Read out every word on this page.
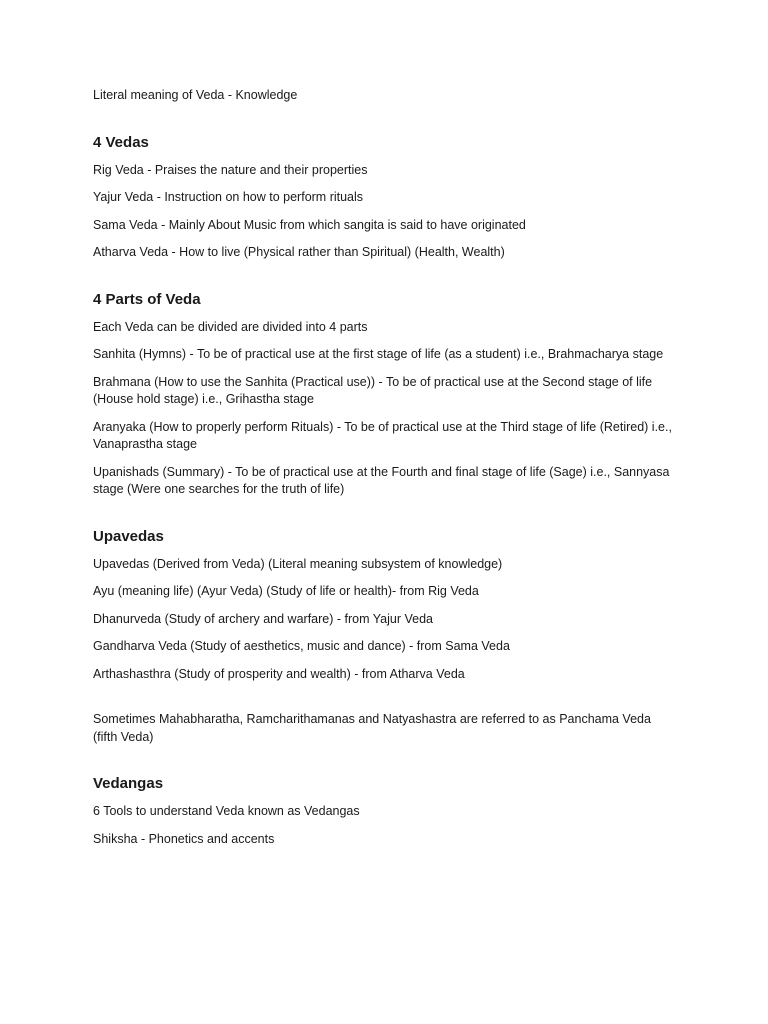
Literal meaning of Veda - Knowledge

4 Vedas

Rig Veda - Praises the nature and their properties

Yajur Veda - Instruction on how to perform rituals

Sama Veda - Mainly About Music from which sangita is said to have originated

Atharva Veda - How to live (Physical rather than Spiritual) (Health, Wealth)

4 Parts of Veda

Each Veda can be divided are divided into 4 parts

Sanhita (Hymns) - To be of practical use at the first stage of life (as a student) i.e., Brahmacharya stage

Brahmana (How to use the Sanhita (Practical use)) - To be of practical use at the Second stage of life (House hold stage) i.e., Grihastha stage

Aranyaka (How to properly perform Rituals) - To be of practical use at the Third stage of life (Retired) i.e., Vanaprastha stage

Upanishads (Summary) - To be of practical use at the Fourth and final stage of life (Sage) i.e., Sannyasa stage (Were one searches for the truth of life)

Upavedas

Upavedas (Derived from Veda) (Literal meaning subsystem of knowledge)

Ayu (meaning life) (Ayur Veda) (Study of life or health)- from Rig Veda

Dhanurveda (Study of archery and warfare) - from Yajur Veda

Gandharva Veda (Study of aesthetics, music and dance) - from Sama Veda

Arthashasthra (Study of prosperity and wealth) - from Atharva Veda

Sometimes Mahabharatha, Ramcharithamanas and Natyashastra are referred to as Panchama Veda (fifth Veda)

Vedangas

6 Tools to understand Veda known as Vedangas

Shiksha - Phonetics and accents
